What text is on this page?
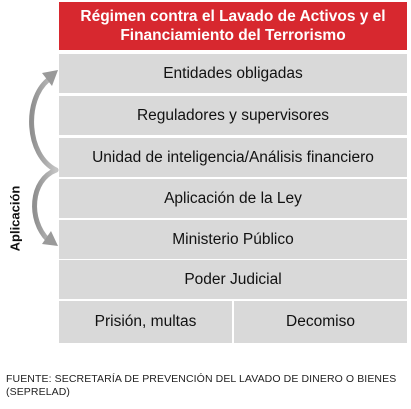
Régimen contra el Lavado de Activos y el Financiamiento del Terrorismo
Entidades obligadas
Reguladores y supervisores
Unidad de inteligencia/Análisis financiero
Aplicación de la Ley
Ministerio Público
Poder Judicial
Prisión, multas	Decomiso
Aplicación
FUENTE: SECRETARÍA DE PREVENCIÓN DEL LAVADO DE DINERO O BIENES (SEPRELAD)
